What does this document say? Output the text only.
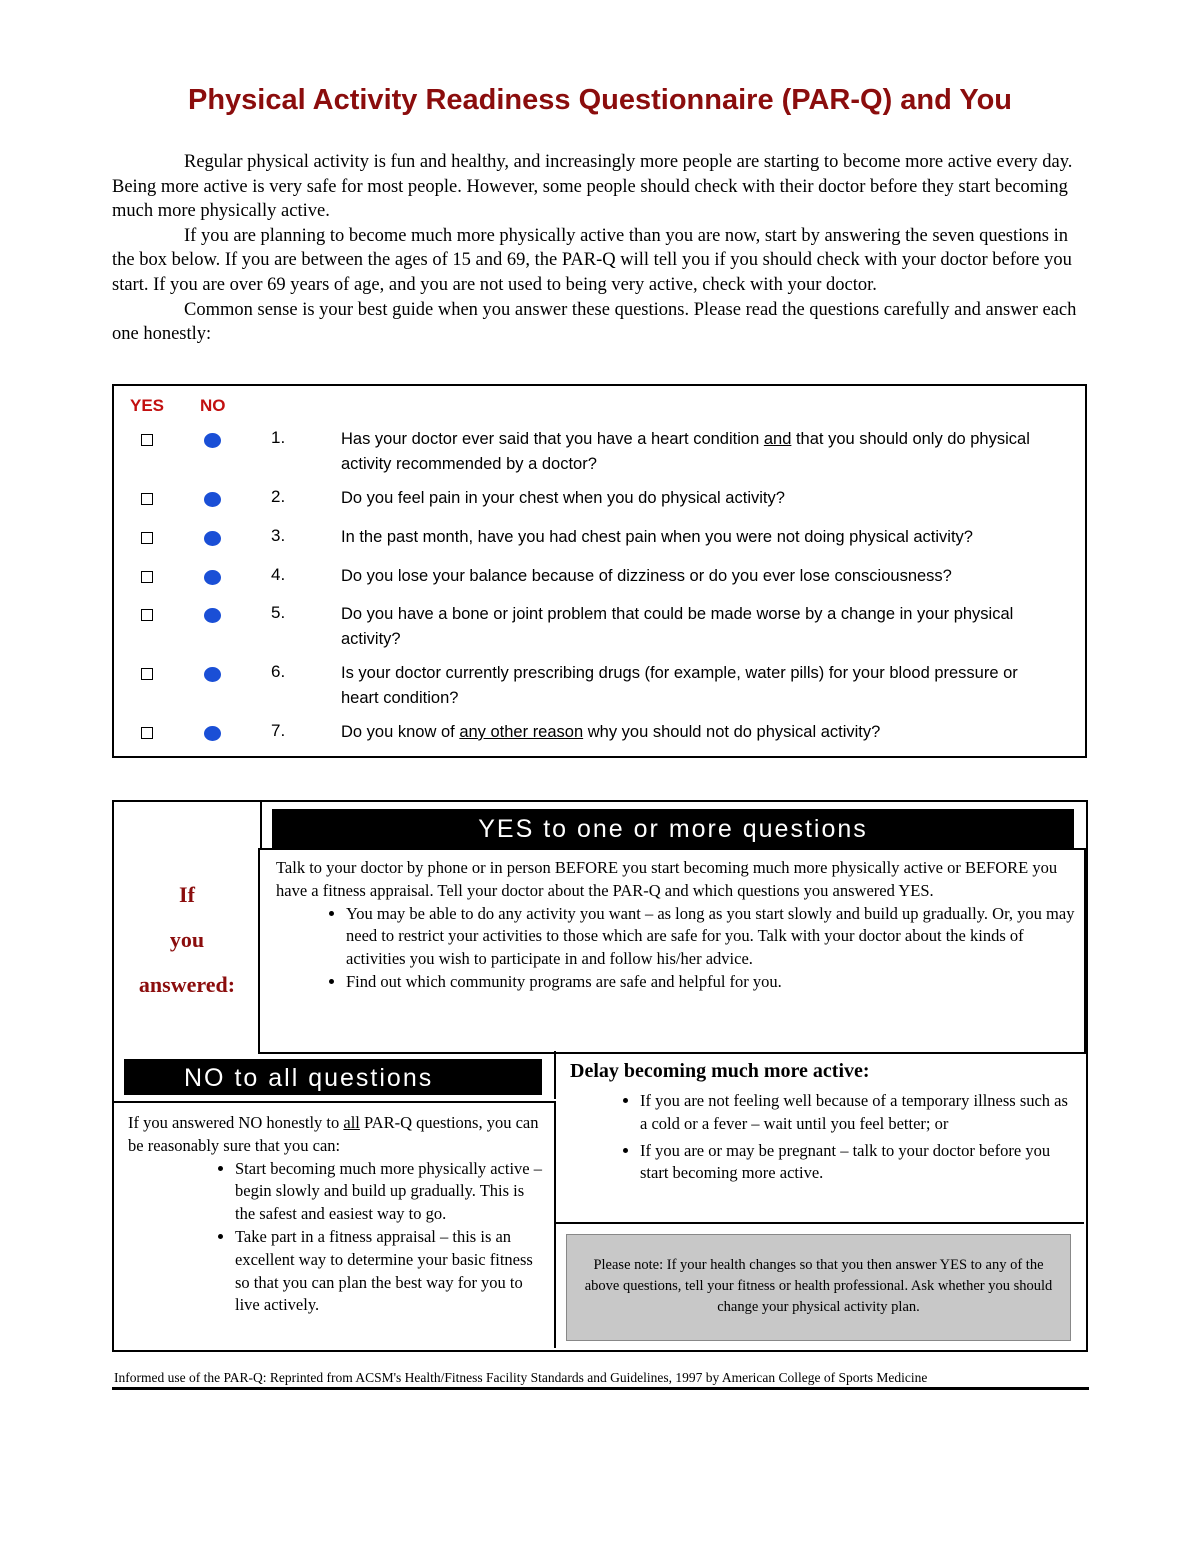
Physical Activity Readiness Questionnaire (PAR-Q) and You

Regular physical activity is fun and healthy, and increasingly more people are starting to become more active every day. Being more active is very safe for most people. However, some people should check with their doctor before they start becoming much more physically active.

If you are planning to become much more physically active than you are now, start by answering the seven questions in the box below. If you are between the ages of 15 and 69, the PAR-Q will tell you if you should check with your doctor before you start. If you are over 69 years of age, and you are not used to being very active, check with your doctor.

Common sense is your best guide when you answer these questions. Please read the questions carefully and answer each one honestly:

YES NO
1.	Has your doctor ever said that you have a heart condition and that you should only do physical activity recommended by a doctor?
2.	Do you feel pain in your chest when you do physical activity?
3.	In the past month, have you had chest pain when you were not doing physical activity?
4.	Do you lose your balance because of dizziness or do you ever lose consciousness?
5.	Do you have a bone or joint problem that could be made worse by a change in your physical activity?
6.	Is your doctor currently prescribing drugs (for example, water pills) for your blood pressure or heart condition?
7.	Do you know of any other reason why you should not do physical activity?
If
you
answered:
YES to one or more questions
Talk to your doctor by phone or in person BEFORE you start becoming much more physically active or BEFORE you have a fitness appraisal. Tell your doctor about the PAR-Q and which questions you answered YES.
• You may be able to do any activity you want – as long as you start slowly and build up gradually. Or, you may need to restrict your activities to those which are safe for you. Talk with your doctor about the kinds of activities you wish to participate in and follow his/her advice.
• Find out which community programs are safe and helpful for you.
NO to all questions
If you answered NO honestly to all PAR-Q questions, you can be reasonably sure that you can:
• Start becoming much more physically active – begin slowly and build up gradually. This is the safest and easiest way to go.
• Take part in a fitness appraisal – this is an excellent way to determine your basic fitness so that you can plan the best way for you to live actively.
Delay becoming much more active:
• If you are not feeling well because of a temporary illness such as a cold or a fever – wait until you feel better; or
• If you are or may be pregnant – talk to your doctor before you start becoming more active.
Please note: If your health changes so that you then answer YES to any of the above questions, tell your fitness or health professional. Ask whether you should change your physical activity plan.
Informed use of the PAR-Q: Reprinted from ACSM's Health/Fitness Facility Standards and Guidelines, 1997 by American College of Sports Medicine
